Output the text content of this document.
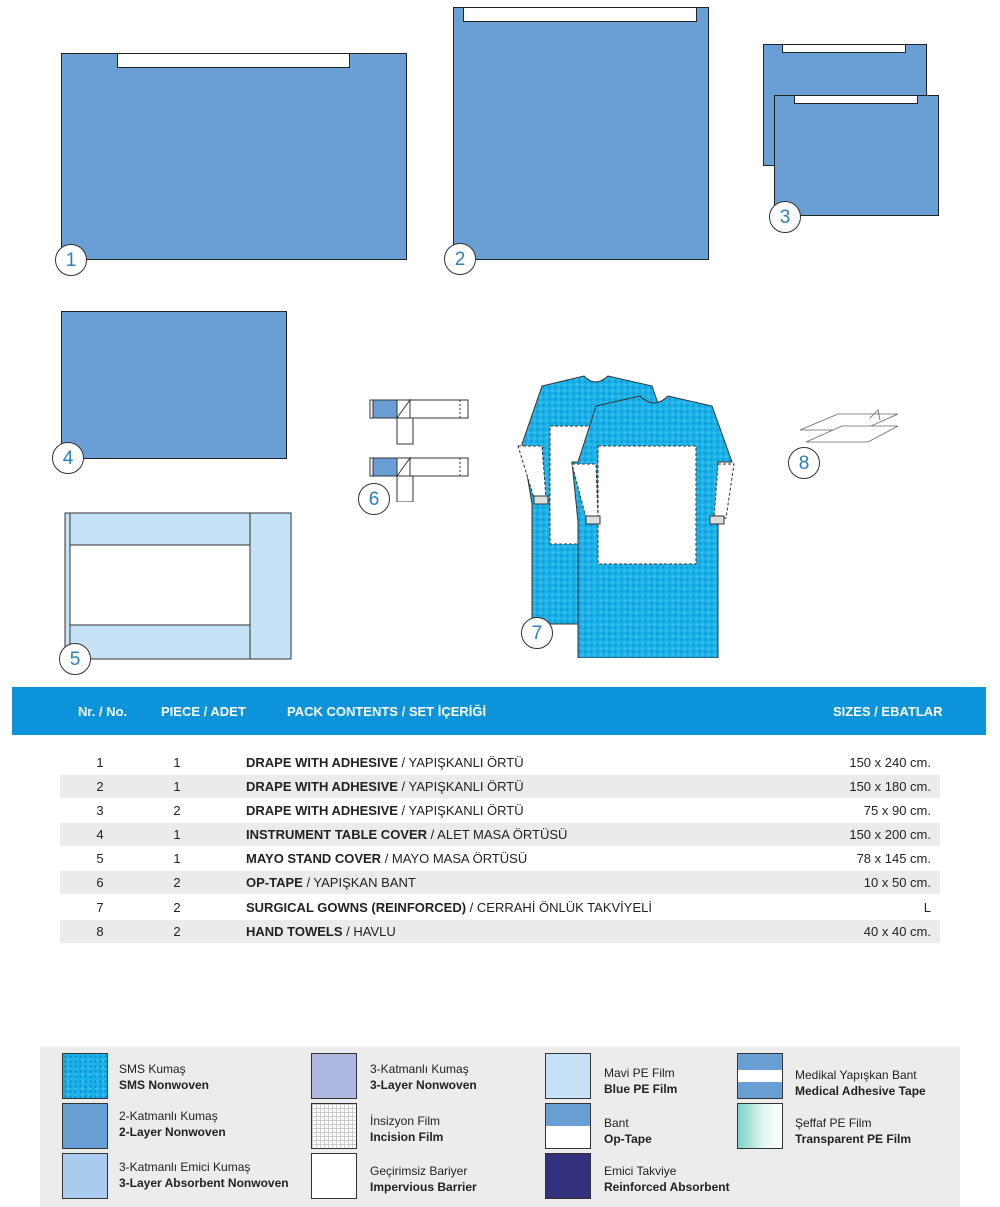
1	2
3
4
5
6
7
8
Nr. / No.	PIECE / ADET	PACK CONTENTS / SET İÇERİĞİ	SIZES / EBATLAR
1	1	DRAPE WITH ADHESIVE / YAPIŞKANLI ÖRTÜ	150 x 240 cm.
2	1	DRAPE WITH ADHESIVE / YAPIŞKANLI ÖRTÜ	150 x 180 cm.
3	2	DRAPE WITH ADHESIVE / YAPIŞKANLI ÖRTÜ	75 x 90 cm.
4	1	INSTRUMENT TABLE COVER / ALET MASA ÖRTÜSÜ	150 x 200 cm.
5	1	MAYO STAND COVER / MAYO MASA ÖRTÜSÜ	78 x 145 cm.
6	2	OP-TAPE / YAPIŞKAN BANT	10 x 50 cm.
7	2	SURGICAL GOWNS (REINFORCED) / CERRAHİ ÖNLÜK TAKVİYELİ	L
8	2	HAND TOWELS / HAVLU	40 x 40 cm.
SMS Kumaş
SMS Nonwoven
2-Katmanlı Kumaş
2-Layer Nonwoven
3-Katmanlı Emici Kumaş
3-Layer Absorbent Nonwoven
3-Katmanlı Kumaş
3-Layer Nonwoven
İnsizyon Film
Incision Film
Geçirimsiz Bariyer
Impervious Barrier
Mavi PE Film
Blue PE Film
Bant
Op-Tape
Emici Takviye
Reinforced Absorbent
Medikal Yapışkan Bant
Medical Adhesive Tape
Şeffaf PE Film
Transparent PE Film
